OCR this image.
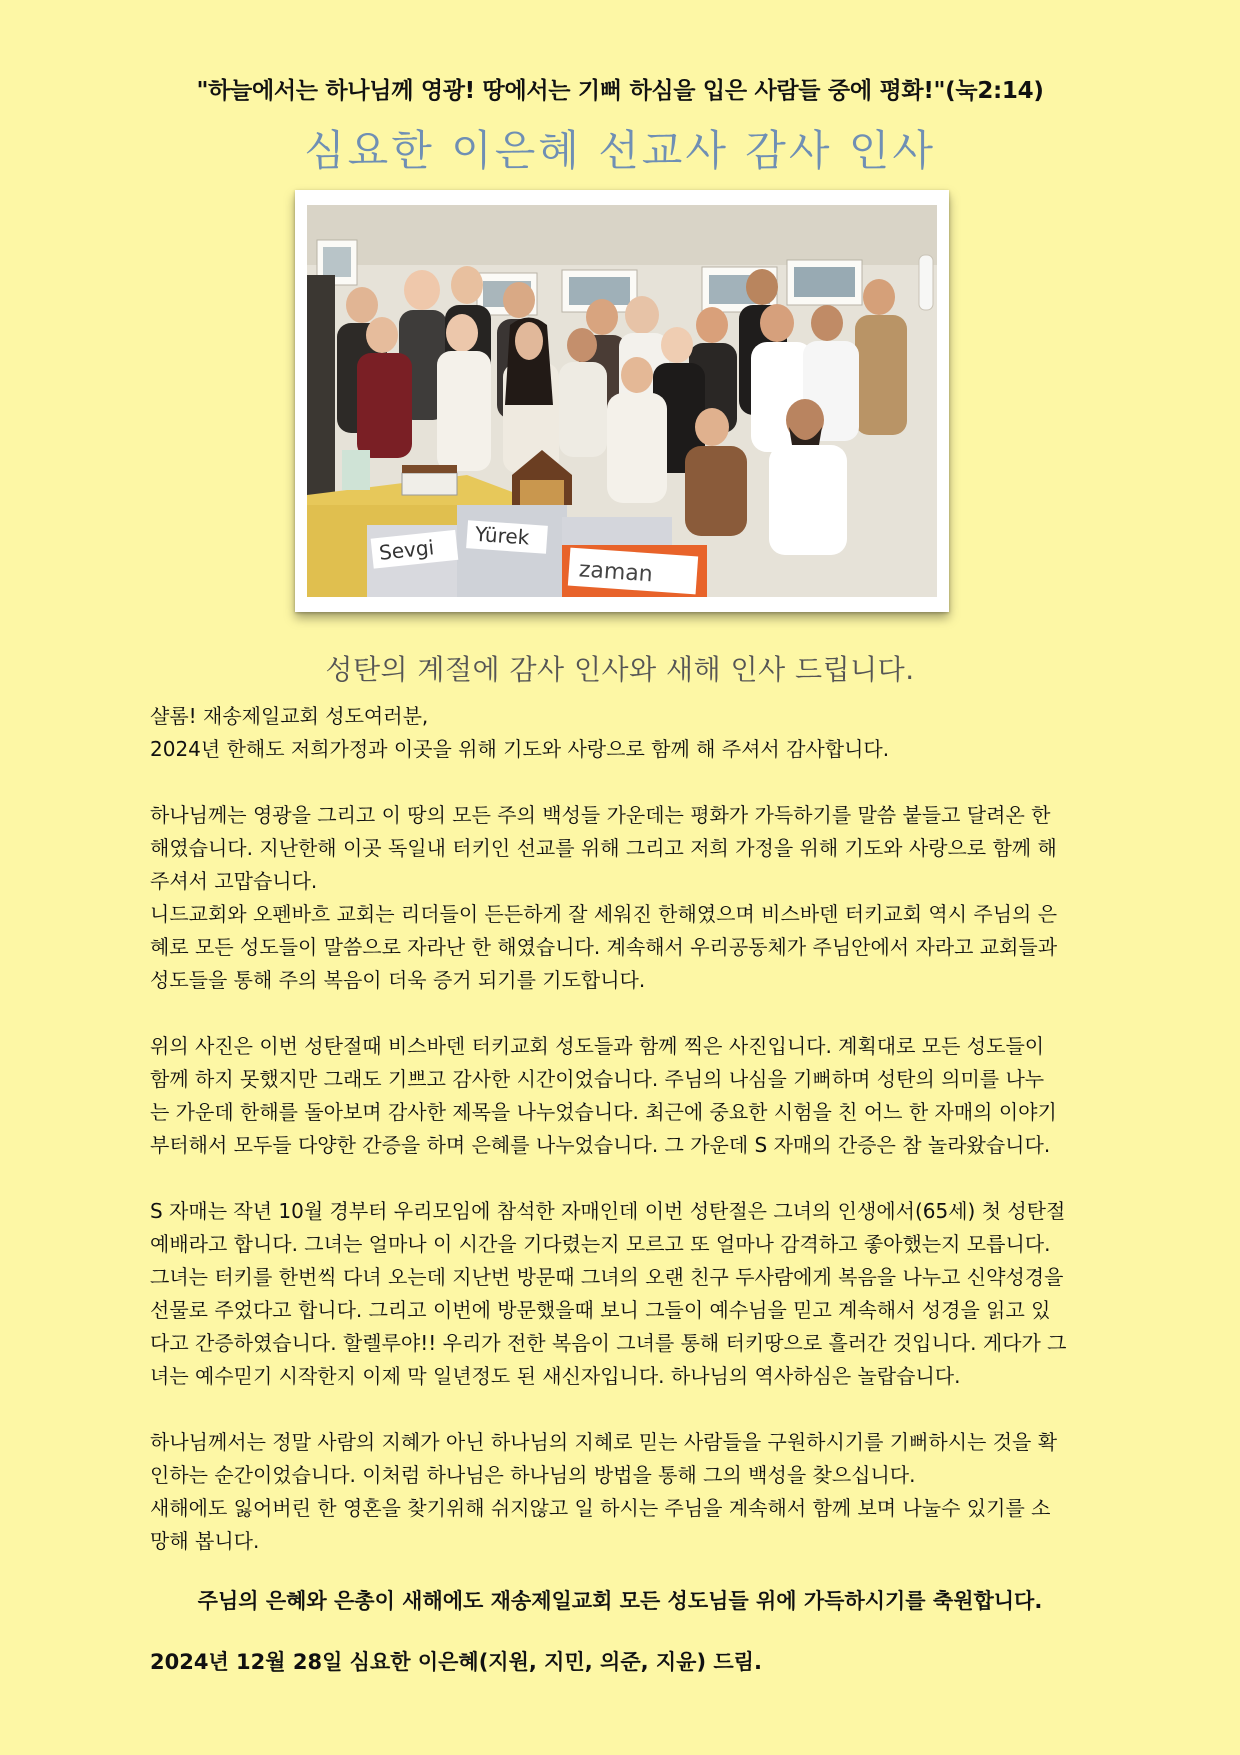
"하늘에서는 하나님께 영광! 땅에서는 기뻐 하심을 입은 사람들 중에 평화!"(눅2:14)
심요한 이은혜 선교사 감사 인사
Sevgi Yürek
zaman
성탄의 계절에 감사 인사와 새해 인사 드립니다.

샬롬! 재송제일교회 성도여러분,
2024년 한해도 저희가정과 이곳을 위해 기도와 사랑으로 함께 해 주셔서 감사합니다.

하나님께는 영광을 그리고 이 땅의 모든 주의 백성들 가운데는 평화가 가득하기를 말씀 붙들고 달려온 한
해였습니다. 지난한해 이곳 독일내 터키인 선교를 위해 그리고 저희 가정을 위해 기도와 사랑으로 함께 해
주셔서 고맙습니다.
니드교회와 오펜바흐 교회는 리더들이 든든하게 잘 세워진 한해였으며 비스바덴 터키교회 역시 주님의 은
혜로 모든 성도들이 말씀으로 자라난 한 해였습니다. 계속해서 우리공동체가 주님안에서 자라고 교회들과
성도들을 통해 주의 복음이 더욱 증거 되기를 기도합니다.

위의 사진은 이번 성탄절때 비스바덴 터키교회 성도들과 함께 찍은 사진입니다. 계획대로 모든 성도들이
함께 하지 못했지만 그래도 기쁘고 감사한 시간이었습니다. 주님의 나심을 기뻐하며 성탄의 의미를 나누
는 가운데 한해를 돌아보며 감사한 제목을 나누었습니다. 최근에 중요한 시험을 친 어느 한 자매의 이야기
부터해서 모두들 다양한 간증을 하며 은혜를 나누었습니다. 그 가운데 S 자매의 간증은 참 놀라왔습니다.

S 자매는 작년 10월 경부터 우리모임에 참석한 자매인데 이번 성탄절은 그녀의 인생에서(65세) 첫 성탄절
예배라고 합니다. 그녀는 얼마나 이 시간을 기다렸는지 모르고 또 얼마나 감격하고 좋아했는지 모릅니다.
그녀는 터키를 한번씩 다녀 오는데 지난번 방문때 그녀의 오랜 친구 두사람에게 복음을 나누고 신약성경을
선물로 주었다고 합니다. 그리고 이번에 방문했을때 보니 그들이 예수님을 믿고 계속해서 성경을 읽고 있
다고 간증하였습니다. 할렐루야!! 우리가 전한 복음이 그녀를 통해 터키땅으로 흘러간 것입니다. 게다가 그
녀는 예수믿기 시작한지 이제 막 일년정도 된 새신자입니다. 하나님의 역사하심은 놀랍습니다.

하나님께서는 정말 사람의 지혜가 아닌 하나님의 지혜로 믿는 사람들을 구원하시기를 기뻐하시는 것을 확
인하는 순간이었습니다. 이처럼 하나님은 하나님의 방법을 통해 그의 백성을 찾으십니다.
새해에도 잃어버린 한 영혼을 찾기위해 쉬지않고 일 하시는 주님을 계속해서 함께 보며 나눌수 있기를 소
망해 봅니다.

주님의 은혜와 은총이 새해에도 재송제일교회 모든 성도님들 위에 가득하시기를 축원합니다.
2024년 12월 28일 심요한 이은혜(지원, 지민, 의준, 지윤) 드림.
